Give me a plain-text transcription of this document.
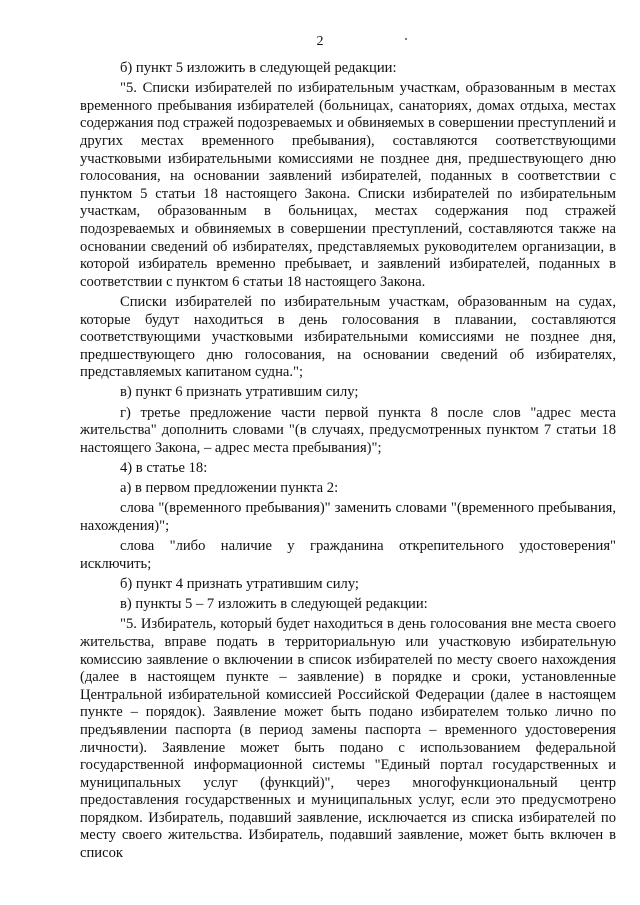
2

б) пункт 5 изложить в следующей редакции:

"5. Списки избирателей по избирательным участкам, образованным в местах временного пребывания избирателей (больницах, санаториях, домах отдыха, местах содержания под стражей подозреваемых и обвиняемых в совершении преступлений и других местах временного пребывания), составляются соответствующими участковыми избирательными комиссиями не позднее дня, предшествующего дню голосования, на основании заявлений избирателей, поданных в соответствии с пунктом 5 статьи 18 настоящего Закона. Списки избирателей по избирательным участкам, образованным в больницах, местах содержания под стражей подозреваемых и обвиняемых в совершении преступлений, составляются также на основании сведений об избирателях, представляемых руководителем организации, в которой избиратель временно пребывает, и заявлений избирателей, поданных в соответствии с пунктом 6 статьи 18 настоящего Закона.

Списки избирателей по избирательным участкам, образованным на судах, которые будут находиться в день голосования в плавании, составляются соответствующими участковыми избирательными комиссиями не позднее дня, предшествующего дню голосования, на основании сведений об избирателях, представляемых капитаном судна.";

в) пункт 6 признать утратившим силу;

г) третье предложение части первой пункта 8 после слов "адрес места жительства" дополнить словами "(в случаях, предусмотренных пунктом 7 статьи 18 настоящего Закона, – адрес места пребывания)";

4) в статье 18:

а) в первом предложении пункта 2:

слова "(временного пребывания)" заменить словами "(временного пребывания, нахождения)";

слова "либо наличие у гражданина открепительного удостоверения" исключить;

б) пункт 4 признать утратившим силу;

в) пункты 5 – 7 изложить в следующей редакции:

"5. Избиратель, который будет находиться в день голосования вне места своего жительства, вправе подать в территориальную или участковую избирательную комиссию заявление о включении в список избирателей по месту своего нахождения (далее в настоящем пункте – заявление) в порядке и сроки, установленные Центральной избирательной комиссией Российской Федерации (далее в настоящем пункте – порядок). Заявление может быть подано избирателем только лично по предъявлении паспорта (в период замены паспорта – временного удостоверения личности). Заявление может быть подано с использованием федеральной государственной информационной системы "Единый портал государственных и муниципальных услуг (функций)", через многофункциональный центр предоставления государственных и муниципальных услуг, если это предусмотрено порядком. Избиратель, подавший заявление, исключается из списка избирателей по месту своего жительства. Избиратель, подавший заявление, может быть включен в список
